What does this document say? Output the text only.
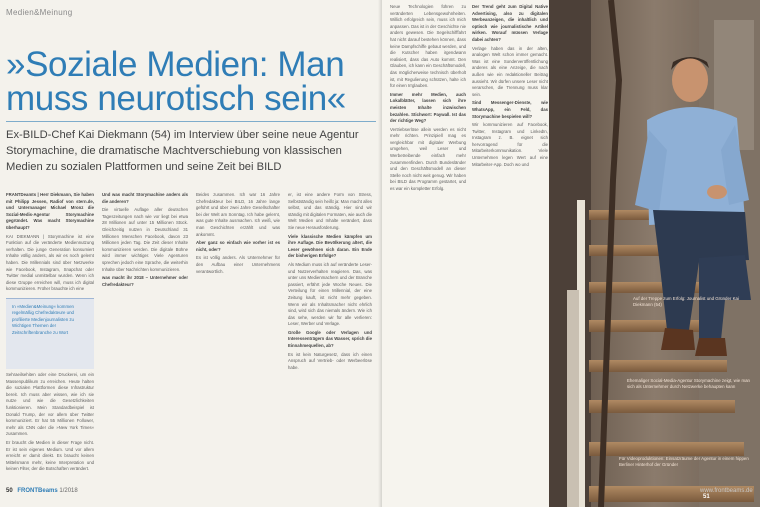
Medien&Meinung
»Soziale Medien: Man muss neurotisch sein«
Ex-BILD-Chef Kai Diekmann (54) im Interview über seine neue Agentur Storymachine, die dramatische Machtverschiebung von klassischen Medien zu sozialen Plattformen und seine Zeit bei BILD

FRANTDeamts | Herr Diekmann, Sie haben mit Philipp Jessen, Radiof von stern.de, und Unternanager Michael Mronz die Sozial-Medis-Agentur Storymachine gegründet. Was macht Storymachine überhaupt?

KAI DIEKMANN | Storymachine ist eine Funktion auf die veränderte Mediennutzung verhalten. Die junge Generation konsumiert Inhalte völlig anders, als wir es noch gelernt haben. Die Millennials sind über Netzwerke wie Facebook, Instagram, Snapchat oder Twitter medial unmittelbar wurden. Wenn ich diese Gruppe erreichen will, muss ich digital kommunizieren. Früher brauchte ich eine

Sehraeilsehiten oder eine Druckerei, um ein Massenpublikum zu erreichen. Heute halten die sozialen Plattformen diese Infrastruktur bereit. Ich muss aber wissen, wie ich sie nutze und wie die Gesetzlichkeiten funktionieren. Mein Standardbeispiel ist Donald Trump, der vor allem über Twitter kommuniziert. Er hat 55 Millionen Follower, mehr als CNN oder die »New York Times« zusammen.

Er braucht die Medien in dieser Frage nicht. Er ist sein eigenes Medium. Und vor allem erreicht er damit direkt. Es braucht keinen Mittelsmann mehr, keine Interpretation und keinen Filter, der die Botschaften verändert.

Und was macht Storymachine anders als die anderen?

Die virtuelle Auflage aller deutschen Tageszeitungen nach wie vor liegt bei etwa 28 Millionen auf unter 15 Millionen Stück. Gleichzeitig nutzen in Deutschland 31 Millionen Menschen Facebook, davon 23 Millionen jeden Tag. Die Zeit dieser Inhalte kommunizieren werden. Die digitale Bühne wird immer wichtiger. Viele Agenturen sprechen jedoch eine Sprache, die weiterhin Inhalte über Nachrichten kommunizieren.

was macht ihr 2018 – Unternehmer oder Chefredakteur?

In »Medien&Meinung« kommen regelmäßig Chefredakteure und profilierte Medienjournalisten zu Wichtigen Themen der Zeitschriftenbranche zu Wort

Beides zusammen. Ich war 16 Jahre Chefredakteur bei BILD, 16 Jahre lange geführt und über zwei Jahre Gesellschafter bei der Welt am Sonntag. Ich habe gelernt, was gute Inhalte ausmachen. Ich weiß, wie man Geschichten erzählt und was ankommt.

Aber ganz so einfach wie vorher ist es nicht, oder?

Es ist völlig anders. Als Unternehmer für den Aufbau einer Unternehmens verantwortlich.

er, ist eine andere Form von Stress, Selbstständig sein heißt ja: Man macht alles selbst, und das ständig. Hier sind wir ständig mit digitalen Formaten, wie auch die Welt Medien und Inhalte verändert, dass Sie neue Herausforderung.

Viele klassische Medien kämpfen um ihre Auflage. Die Bevölkerung altert, die Leser gewöhnen sich daran. Ein Ende der bisherigen Erfolge?

Als Medium muss ich auf veränderte Leser- und Nutzerverhalten reagieren. Das, was unter uns Medienmachern und der Branche passiert, erfährt jede Woche Neues. Die Verteilung für einen Millennial, der eine Zeitung kauft, ist nicht mehr gegeben. Wenn wir als Inhaltsmacher nicht ehrlich sind, wird sich das niemals ändern. Wie ich das sehe, werden wir für alle verlieren: Leser, Werber und Verlage.

Große Google oder Verlagen und Interessenträgern das Wasser, sprich die Einnahmequellen, ab?

Es ist kein Naturgesetz, dass ich einen Anspruch auf Vertrieb- oder Werbeerlöse habe.

50 FRONTBeams 1/2018

Neue Technologien führen zu veränderten Lebensgewohnheiten. Willich erfolgreich sein, muss ich mich anpassen. Das ist in der Geschichte nie anders gewesen. Die Segelschifffahrt hat nicht darauf bestehen können, dass keine Dampfschiffe gebaut werden, und die Kutscher haben irgendwann realisiert, dass das Auto kommt. Den Glauben, ich kann ein Geschäftsmodell, das möglicherweise technisch überholt ist, mit Regulierung schützen, halte ich für einen Irrglauben.

Immer mehr Medien, auch Lokalblätter, lassen sich ihre meisten Inhalte inzwischen bezahlen. Stichwort: Paywall. Ist das der richtige Weg?

Vertriebserlöse allein werden es nicht mehr richten. Prinzipiell mag es vergleichbar mit digitaler Werbung umgehen, weil Leser und Werbetreibende einfach mehr zusammenfinden. Durch Bundesländer und den Geschäftsmodell an dieser Stelle noch nicht weit genug. Wir haben bei BILD das Programm gestartet, und es war ein kompletter Erfolg.

Der Trend geht zum Digital Native Advertising, also zu digitalen Werbeanzeigen, die inhaltlich und optisch wie journalistische Artikel wirken. Worauf müssen Verlage dabei achten?

Verlage haben das in der alten, analogen Welt schon immer gemacht. Was ist eine Sonderveröffentlichung anderes als eine Anzeige, die nach außen wie ein redaktioneller Beitrag aussieht. Wir dürfen unsere Leser nicht verarschen, die Trennung muss klar sein.

Sind Messenger-Dienste, wie WhatsApp, ein Feld, das Storymachine bespielen will?

Wir kommunizieren auf Facebook, Twitter, Instagram und LinkedIn, Instagram z. B. eignet sich hervorragend für die Mitarbeiterkommunikation. Viele Unternehmen legen Wert auf eine Mitarbeiter-App. Doch wo und

Auf der Treppe zum Erfolg: Journalist und Gründer Kai Diekmann (54)
Ehemaliger Social-Media-Agentur Storymachine zeigt, wie man sich als Unternehmer durch Netzwerke behaupten kann
Für Videoproduktionen: Einsatzräume der Agentur in einem hippen Berliner Hinterhof der Gründer
www.frontbeams.de 51
